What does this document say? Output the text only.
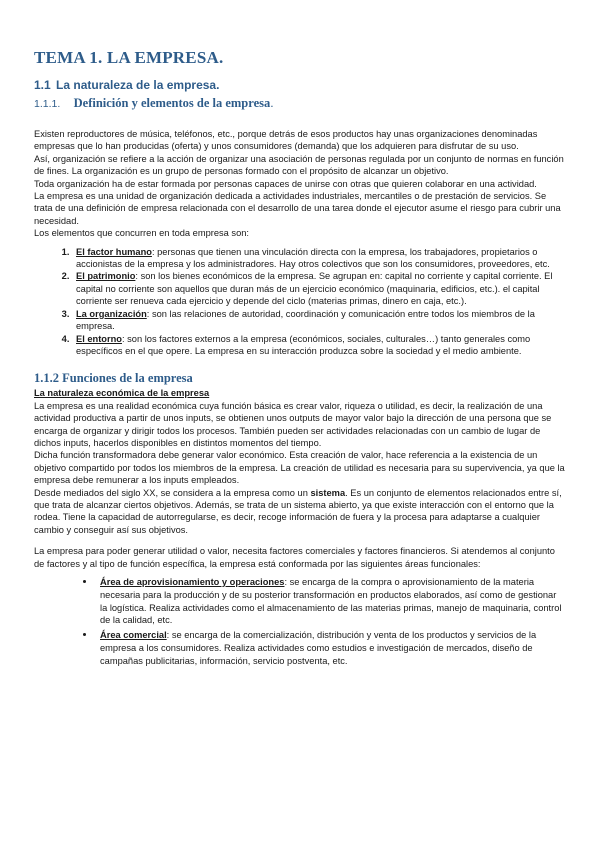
TEMA 1. LA EMPRESA.
1.1 La naturaleza de la empresa.
1.1.1. Definición y elementos de la empresa.

Existen reproductores de música, teléfonos, etc., porque detrás de esos productos hay unas organizaciones denominadas empresas que lo han producidas (oferta) y unos consumidores (demanda) que los adquieren para disfrutar de su uso.

Así, organización se refiere a la acción de organizar una asociación de personas regulada por un conjunto de normas en función de fines. La organización es un grupo de personas formado con el propósito de alcanzar un objetivo.

Toda organización ha de estar formada por personas capaces de unirse con otras que quieren colaborar en una actividad.

La empresa es una unidad de organización dedicada a actividades industriales, mercantiles o de prestación de servicios. Se trata de una definición de empresa relacionada con el desarrollo de una tarea donde el ejecutor asume el riesgo para cubrir una necesidad.

Los elementos que concurren en toda empresa son:

1. El factor humano: personas que tienen una vinculación directa con la empresa, los trabajadores, propietarios o accionistas de la empresa y los administradores. Hay otros colectivos que son los consumidores, proveedores, etc.
2. El patrimonio: son los bienes económicos de la empresa. Se agrupan en: capital no corriente y capital corriente. El capital no corriente son aquellos que duran más de un ejercicio económico (maquinaria, edificios, etc.). el capital corriente ser renueva cada ejercicio y depende del ciclo (materias primas, dinero en caja, etc.).
3. La organización: son las relaciones de autoridad, coordinación y comunicación entre todos los miembros de la empresa.
4. El entorno: son los factores externos a la empresa (económicos, sociales, culturales…) tanto generales como específicos en el que opere. La empresa en su interacción produzca sobre la sociedad y el medio ambiente.
1.1.2 Funciones de la empresa
La naturaleza económica de la empresa

La empresa es una realidad económica cuya función básica es crear valor, riqueza o utilidad, es decir, la realización de una actividad productiva a partir de unos inputs, se obtienen unos outputs de mayor valor bajo la dirección de una persona que se encarga de organizar y dirigir todos los procesos. También pueden ser actividades relacionadas con un cambio de lugar de dichos inputs, hacerlos disponibles en distintos momentos del tiempo.

Dicha función transformadora debe generar valor económico. Esta creación de valor, hace referencia a la existencia de un objetivo compartido por todos los miembros de la empresa. La creación de utilidad es necesaria para su supervivencia, ya que la empresa debe remunerar a los inputs empleados.

Desde mediados del siglo XX, se considera a la empresa como un sistema. Es un conjunto de elementos relacionados entre sí, que trata de alcanzar ciertos objetivos. Además, se trata de un sistema abierto, ya que existe interacción con el entorno que la rodea. Tiene la capacidad de autorregularse, es decir, recoge información de fuera y la procesa para adaptarse a cualquier cambio y conseguir así sus objetivos.

La empresa para poder generar utilidad o valor, necesita factores comerciales y factores financieros. Si atendemos al conjunto de factores y al tipo de función específica, la empresa está conformada por las siguientes áreas funcionales:

• Área de aprovisionamiento y operaciones: se encarga de la compra o aprovisionamiento de la materia necesaria para la producción y de su posterior transformación en productos elaborados, así como de gestionar la logística. Realiza actividades como el almacenamiento de las materias primas, manejo de maquinaria, control de la calidad, etc.
• Área comercial: se encarga de la comercialización, distribución y venta de los productos y servicios de la empresa a los consumidores. Realiza actividades como estudios e investigación de mercados, diseño de campañas publicitarias, información, servicio postventa, etc.
